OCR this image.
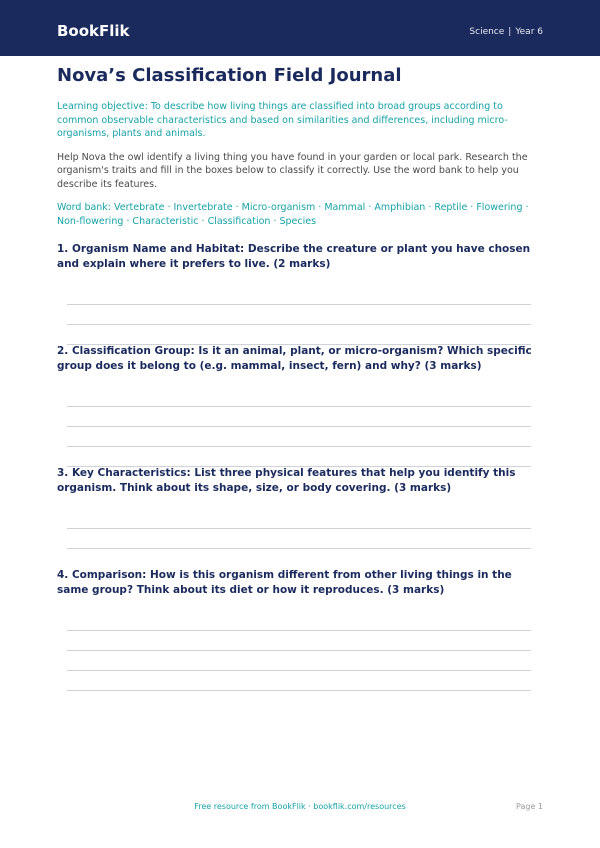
BookFlik	Science | Year 6
Nova’s Classification Field Journal
Learning objective: To describe how living things are classified into broad groups according to common observable characteristics and based on similarities and differences, including micro-organisms, plants and animals.
Help Nova the owl identify a living thing you have found in your garden or local park. Research the organism's traits and fill in the boxes below to classify it correctly. Use the word bank to help you describe its features.
Word bank: Vertebrate · Invertebrate · Micro-organism · Mammal · Amphibian · Reptile · Flowering · Non-flowering · Characteristic · Classification · Species
1. Organism Name and Habitat: Describe the creature or plant you have chosen and explain where it prefers to live. (2 marks)
2. Classification Group: Is it an animal, plant, or micro-organism? Which specific group does it belong to (e.g. mammal, insect, fern) and why? (3 marks)
3. Key Characteristics: List three physical features that help you identify this organism. Think about its shape, size, or body covering. (3 marks)
4. Comparison: How is this organism different from other living things in the same group? Think about its diet or how it reproduces. (3 marks)
Free resource from BookFlik · bookflik.com/resources	Page 1
